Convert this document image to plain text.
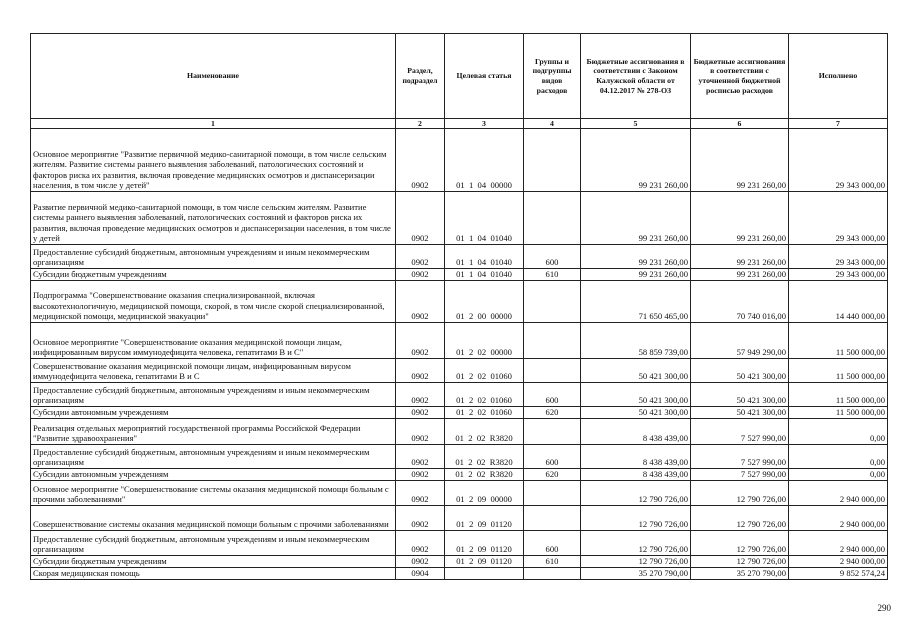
Наименование	Раздел, подраздел	Целевая статья	Группы и подгруппы видов расходов	Бюджетные ассигнования в соответствии с Законом Калужской области от 04.12.2017 № 278-ОЗ	Бюджетные ассигнования в соответствии с уточненной бюджетной росписью расходов	Исполнено
1	2	3	4	5	6	7
Основное мероприятие "Развитие первичной медико-санитарной помощи, в том числе сельским жителям. Развитие системы раннего выявления заболеваний, патологических состояний и факторов риска их развития, включая проведение медицинских осмотров и диспансеризации населения, в том числе у детей"	0902	01  1  04  00000		99 231 260,00	99 231 260,00	29 343 000,00
Развитие первичной медико-санитарной помощи, в том числе сельским жителям. Развитие системы раннего выявления заболеваний, патологических состояний и факторов риска их развития, включая проведение медицинских осмотров и диспансеризации населения, в том числе у детей	0902	01  1  04  01040		99 231 260,00	99 231 260,00	29 343 000,00
Предоставление субсидий бюджетным, автономным учреждениям и иным некоммерческим организациям	0902	01  1  04  01040	600	99 231 260,00	99 231 260,00	29 343 000,00
Субсидии бюджетным учреждениям	0902	01  1  04  01040	610	99 231 260,00	99 231 260,00	29 343 000,00
Подпрограмма "Совершенствование оказания специализированной, включая высокотехнологичную, медицинской помощи, скорой, в том числе скорой специализированной, медицинской помощи, медицинской эвакуации"	0902	01  2  00  00000		71 650 465,00	70 740 016,00	14 440 000,00
Основное мероприятие "Совершенствование оказания медицинской помощи лицам, инфицированным вирусом иммунодефицита человека, гепатитами В и С"	0902	01  2  02  00000		58 859 739,00	57 949 290,00	11 500 000,00
Совершенствование оказания медицинской помощи лицам, инфицированным вирусом иммунодефицита человека, гепатитами В и С	0902	01  2  02  01060		50 421 300,00	50 421 300,00	11 500 000,00
Предоставление субсидий бюджетным, автономным учреждениям и иным некоммерческим организациям	0902	01  2  02  01060	600	50 421 300,00	50 421 300,00	11 500 000,00
Субсидии автономным учреждениям	0902	01  2  02  01060	620	50 421 300,00	50 421 300,00	11 500 000,00
Реализация отдельных мероприятий государственной программы Российской Федерации "Развитие здравоохранения"	0902	01  2  02  R3820		8 438 439,00	7 527 990,00	0,00
Предоставление субсидий бюджетным, автономным учреждениям и иным некоммерческим организациям	0902	01  2  02  R3820	600	8 438 439,00	7 527 990,00	0,00
Субсидии автономным учреждениям	0902	01  2  02  R3820	620	8 438 439,00	7 527 990,00	0,00
Основное мероприятие "Совершенствование системы оказания медицинской помощи больным с прочими заболеваниями"	0902	01  2  09  00000		12 790 726,00	12 790 726,00	2 940 000,00
Совершенствование системы оказания медицинской помощи больным с прочими заболеваниями	0902	01  2  09  01120		12 790 726,00	12 790 726,00	2 940 000,00
Предоставление субсидий бюджетным, автономным учреждениям и иным некоммерческим организациям	0902	01  2  09  01120	600	12 790 726,00	12 790 726,00	2 940 000,00
Субсидии бюджетным учреждениям	0902	01  2  09  01120	610	12 790 726,00	12 790 726,00	2 940 000,00
Скорая медицинская помощь	0904			35 270 790,00	35 270 790,00	9 852 574,24
290
